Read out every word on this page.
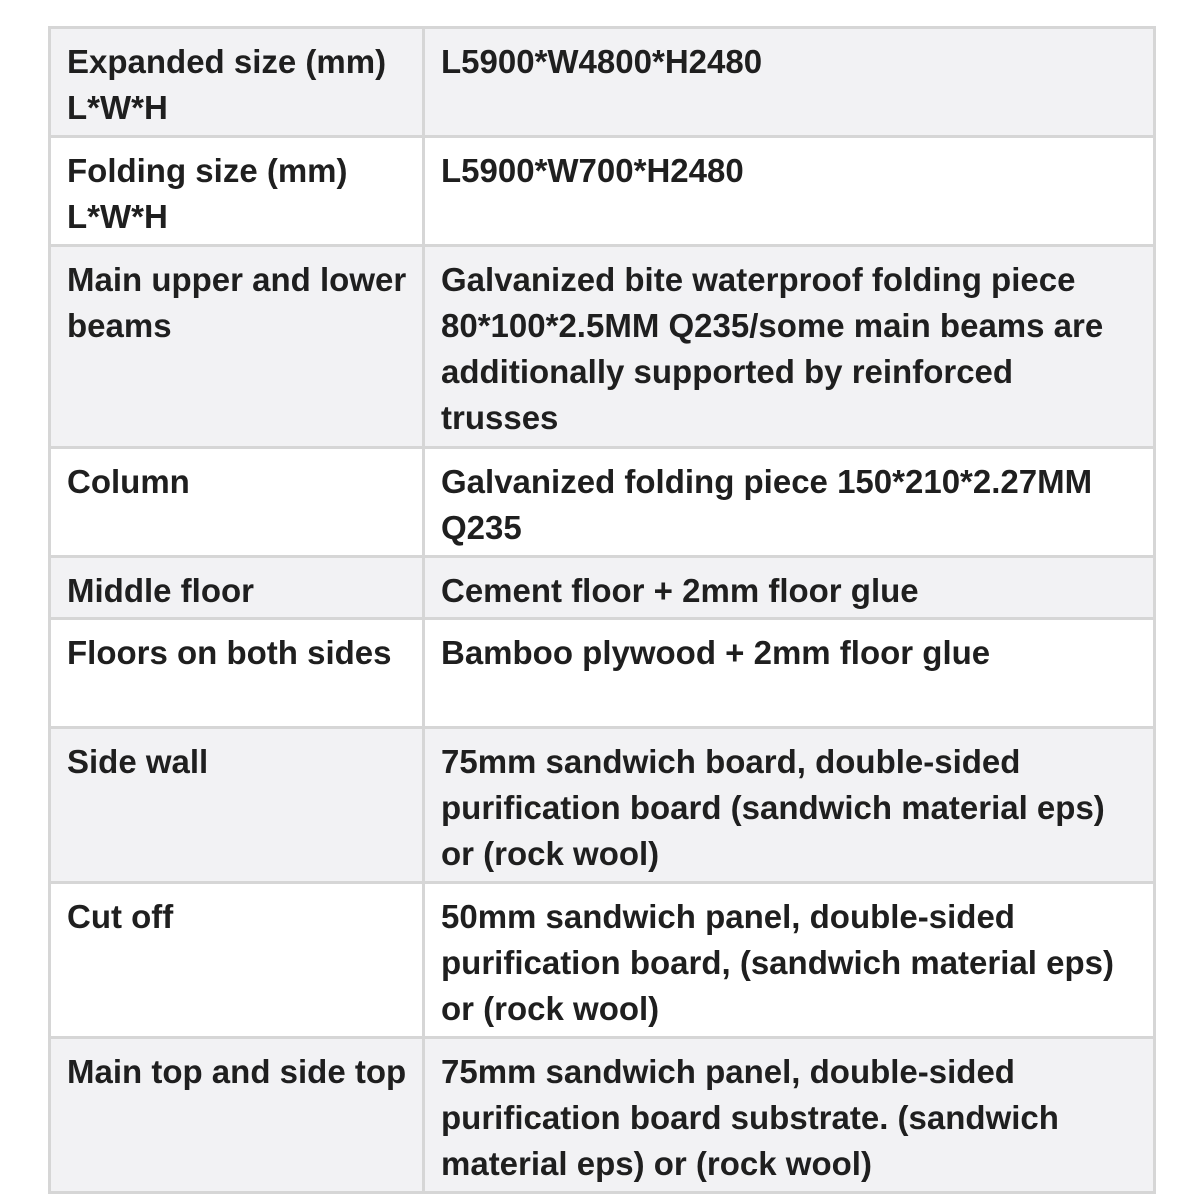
Expanded size (mm) L*W*H	L5900*W4800*H2480
Folding size (mm) L*W*H	L5900*W700*H2480
Main upper and lower beams	Galvanized bite waterproof folding piece 80*100*2.5MM Q235/some main beams are additionally supported by reinforced trusses
Column	Galvanized folding piece 150*210*2.27MM Q235
Middle floor	Cement floor + 2mm floor glue
Floors on both sides	Bamboo plywood + 2mm floor glue
Side wall	75mm sandwich board, double-sided purification board (sandwich material eps) or (rock wool)
Cut off	50mm sandwich panel, double-sided purification board, (sandwich material eps) or (rock wool)
Main top and side top	75mm sandwich panel, double-sided purification board substrate. (sandwich material eps) or (rock wool)
